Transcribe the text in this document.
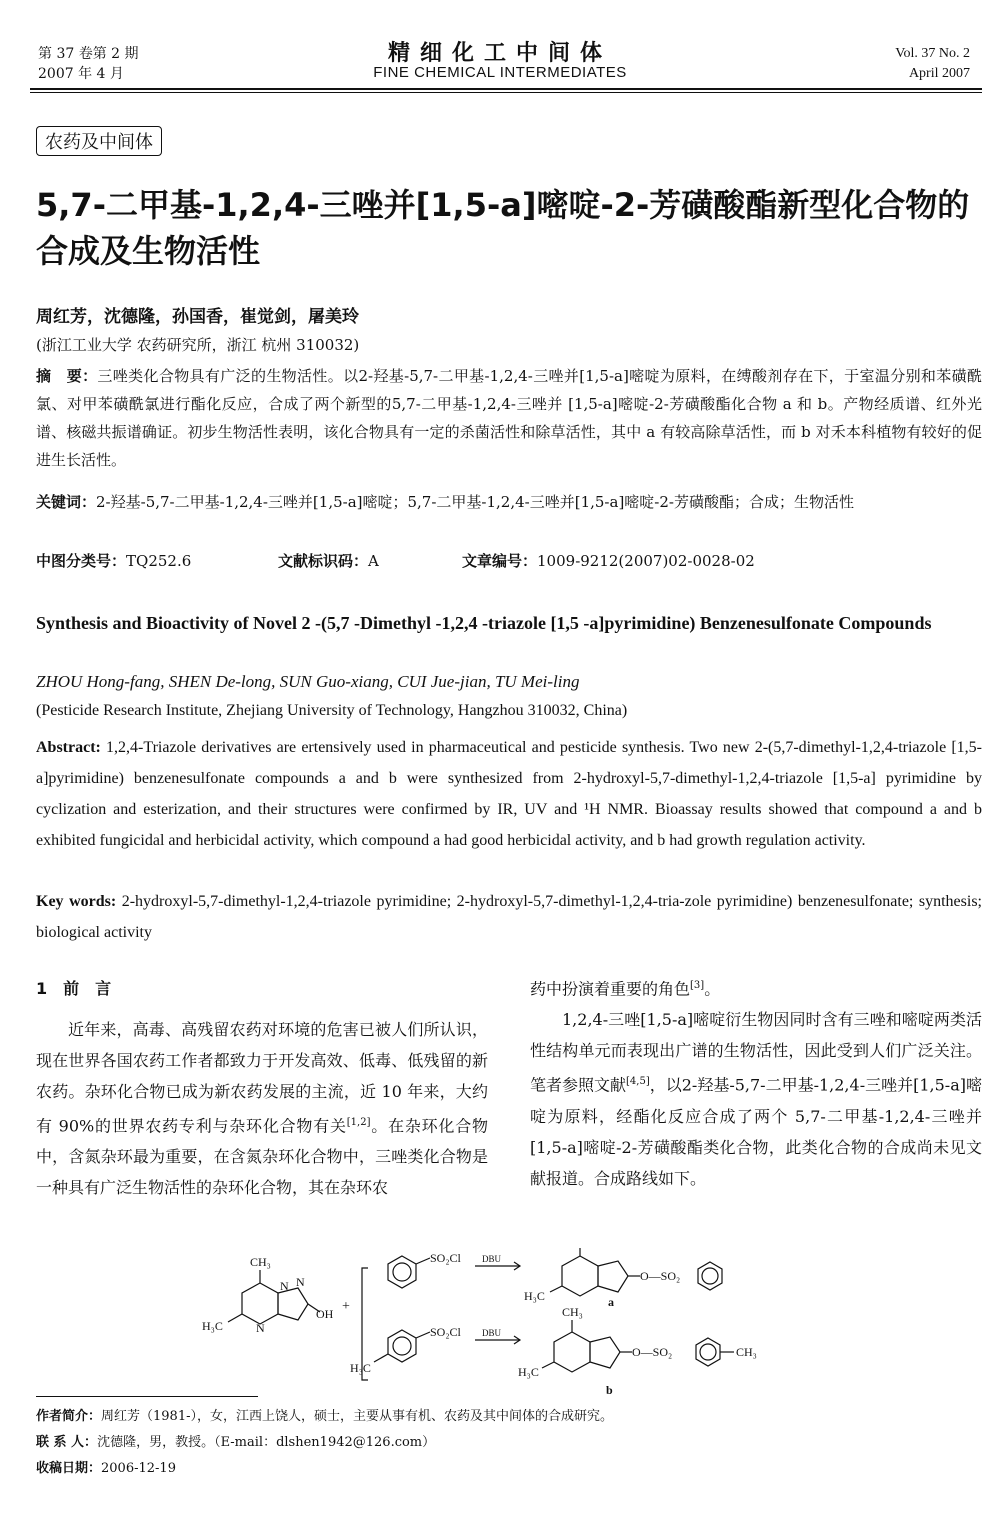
第 37 卷第 2 期
2007 年 4 月
精细化工中间体
FINE CHEMICAL INTERMEDIATES
Vol. 37 No. 2
April 2007
农药及中间体
5,7-二甲基-1,2,4-三唑并[1,5-a]嘧啶-2-芳磺酸酯新型化合物的合成及生物活性
周红芳，沈德隆，孙国香，崔觉剑，屠美玲
(浙江工业大学 农药研究所，浙江 杭州 310032)
摘　要：三唑类化合物具有广泛的生物活性。以2-羟基-5,7-二甲基-1,2,4-三唑并[1,5-a]嘧啶为原料，在缚酸剂存在下，于室温分别和苯磺酰氯、对甲苯磺酰氯进行酯化反应，合成了两个新型的5,7-二甲基-1,2,4-三唑并 [1,5-a]嘧啶-2-芳磺酸酯化合物 a 和 b。产物经质谱、红外光谱、核磁共振谱确证。初步生物活性表明，该化合物具有一定的杀菌活性和除草活性，其中 a 有较高除草活性，而 b 对禾本科植物有较好的促进生长活性。
关键词：2-羟基-5,7-二甲基-1,2,4-三唑并[1,5-a]嘧啶；5,7-二甲基-1,2,4-三唑并[1,5-a]嘧啶-2-芳磺酸酯；合成；生物活性
中图分类号：TQ252.6	文献标识码：A	文章编号：1009-9212(2007)02-0028-02
Synthesis and Bioactivity of Novel 2 -(5,7 -Dimethyl -1,2,4 -triazole [1,5 -a]pyrimidine) Benzenesulfonate Compounds
ZHOU Hong-fang, SHEN De-long, SUN Guo-xiang, CUI Jue-jian, TU Mei-ling
(Pesticide Research Institute, Zhejiang University of Technology, Hangzhou 310032, China)
Abstract: 1,2,4-Triazole derivatives are ertensively used in pharmaceutical and pesticide synthesis. Two new 2-(5,7-dimethyl-1,2,4-triazole [1,5-a]pyrimidine) benzenesulfonate compounds a and b were synthesized from 2-hydroxyl-5,7-dimethyl-1,2,4-triazole [1,5-a] pyrimidine by cyclization and esterization, and their structures were confirmed by IR, UV and ¹H NMR. Bioassay results showed that compound a and b exhibited fungicidal and herbicidal activity, which compound a had good herbicidal activity, and b had growth regulation activity.
Key words: 2-hydroxyl-5,7-dimethyl-1,2,4-triazole pyrimidine; 2-hydroxyl-5,7-dimethyl-1,2,4-tria-zole pyrimidine) benzenesulfonate; synthesis; biological activity
1　前　言

近年来，高毒、高残留农药对环境的危害已被人们所认识，现在世界各国农药工作者都致力于开发高效、低毒、低残留的新农药。杂环化合物已成为新农药发展的主流，近 10 年来，大约有 90%的世界农药专利与杂环化合物有关[1,2]。在杂环化合物中，含氮杂环最为重要，在含氮杂环化合物中，三唑类化合物是一种具有广泛生物活性的杂环化合物，其在杂环农

药中扮演着重要的角色[3]。

1,2,4-三唑[1,5-a]嘧啶衍生物因同时含有三唑和嘧啶两类活性结构单元而表现出广谱的生物活性，因此受到人们广泛关注。笔者参照文献[4,5]，以2-羟基-5,7-二甲基-1,2,4-三唑并[1,5-a]嘧啶为原料，经酯化反应合成了两个 5,7-二甲基-1,2,4-三唑并[1,5-a]嘧啶-2-芳磺酸酯类化合物，此类化合物的合成尚未见文献报道。合成路线如下。

CH₃
H₃C
OH
N N
N
+
SO₂Cl DBU
SO₂Cl DBU
H₃C
H₃C
O—SO₂
a
CH₃
H₃C
O—SO₂	CH₃
b
作者简介：周红芳（1981-），女，江西上饶人，硕士，主要从事有机、农药及其中间体的合成研究。
联 系 人：沈德隆，男，教授。（E-mail：dlshen1942@126.com）
收稿日期：2006-12-19
